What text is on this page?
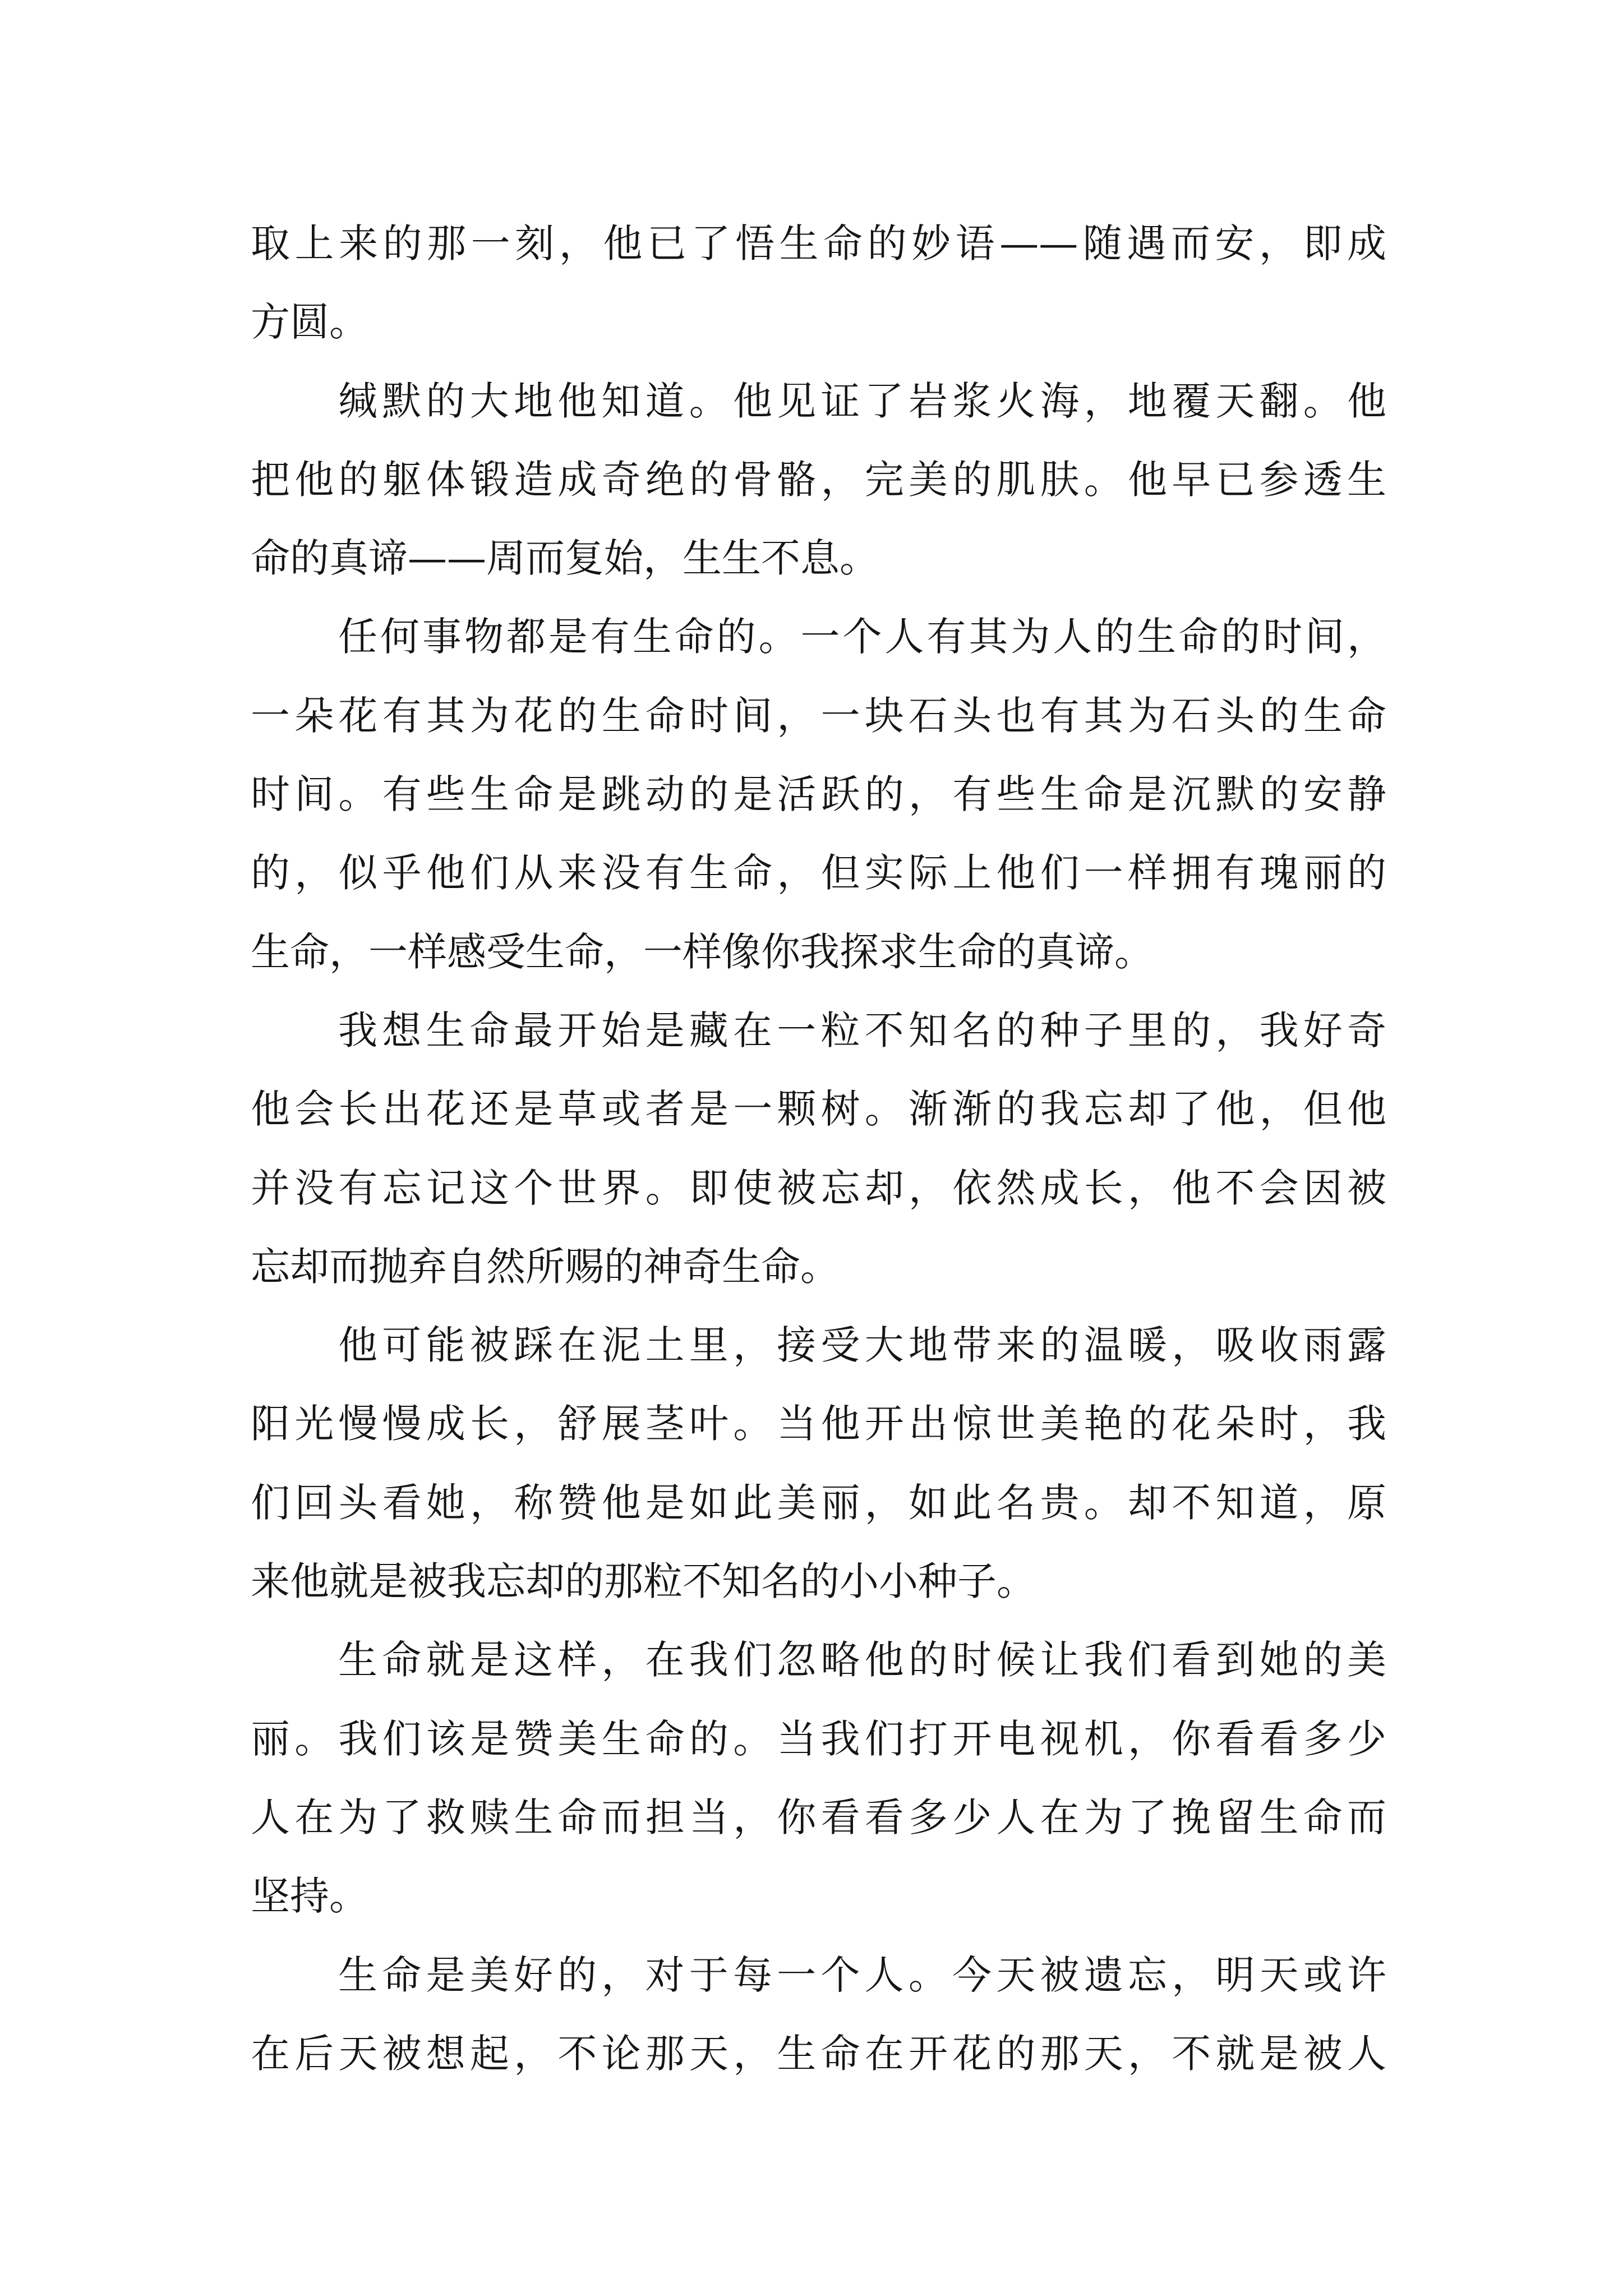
取上来的那一刻，他已了悟生命的妙语——随遇而安，即成
方圆。
缄默的大地他知道。他见证了岩浆火海，地覆天翻。他
把他的躯体锻造成奇绝的骨骼，完美的肌肤。他早已参透生
命的真谛——周而复始，生生不息。
任何事物都是有生命的。一个人有其为人的生命的时间，
一朵花有其为花的生命时间，一块石头也有其为石头的生命
时间。有些生命是跳动的是活跃的，有些生命是沉默的安静
的，似乎他们从来没有生命，但实际上他们一样拥有瑰丽的
生命，一样感受生命，一样像你我探求生命的真谛。
我想生命最开始是藏在一粒不知名的种子里的，我好奇
他会长出花还是草或者是一颗树。渐渐的我忘却了他，但他
并没有忘记这个世界。即使被忘却，依然成长，他不会因被
忘却而抛弃自然所赐的神奇生命。
他可能被踩在泥土里，接受大地带来的温暖，吸收雨露
阳光慢慢成长，舒展茎叶。当他开出惊世美艳的花朵时，我
们回头看她，称赞他是如此美丽，如此名贵。却不知道，原
来他就是被我忘却的那粒不知名的小小种子。
生命就是这样，在我们忽略他的时候让我们看到她的美
丽。我们该是赞美生命的。当我们打开电视机，你看看多少
人在为了救赎生命而担当，你看看多少人在为了挽留生命而
坚持。
生命是美好的，对于每一个人。今天被遗忘，明天或许
在后天被想起，不论那天，生命在开花的那天，不就是被人
